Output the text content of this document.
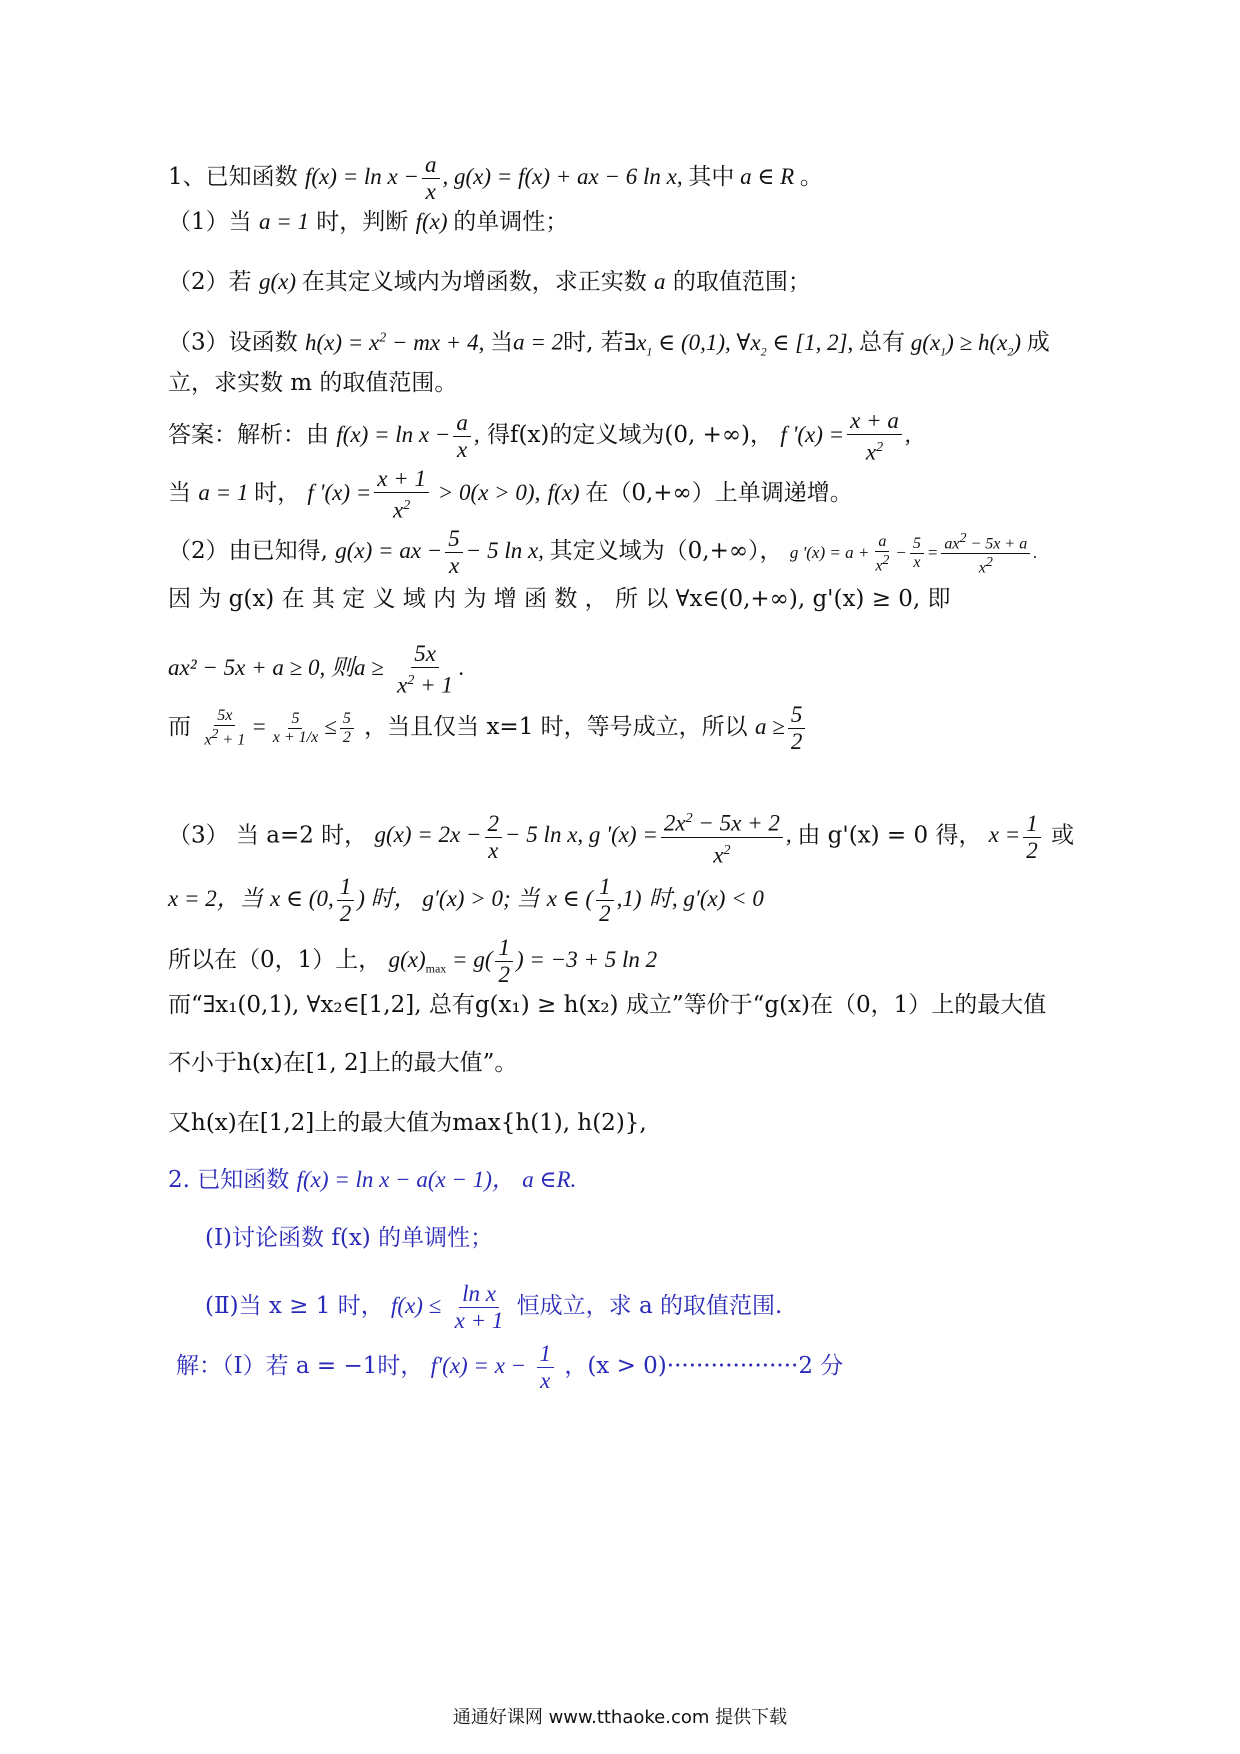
1、已知函数 $f(x) = \ln x - \frac{a}{x}$ , g(x) = f(x) + ax − 6 ln x, 其中 a ∈ R 。
（1）当 a = 1 时，判断 f(x) 的单调性；
（2）若 g(x) 在其定义域内为增函数，求正实数 a 的取值范围；
（3）设函数 $h(x) = x^2$ − mx + 4, 当a = 2时, 若$\exists x_1$ ∈ (0,1), $\forall x_2$ ∈ [1, 2], 总有 $g(x_1) \ge h(x_2)$ 成
立，求实数 m 的取值范围。
答案：解析：由 $f(x) = \ln x - \frac{a}{x}$ , 得f(x)的定义域为(0, +∞)， f '$(x) = \frac{x + a}{x^2}$ ,
当 a = 1 时， f '$(x) = \frac{x + 1}{x^2} > 0(x > 0)$, f(x) 在（0,+∞）上单调递增。
（2）由已知得, g(x) = ax − $\frac{5}{x} - 5$ ln x, 其定义域为（0,+∞）， g '$(x) = a + \frac{a}{x^2} - \frac{5}{x} = \frac{ax^2 - 5x + a}{x^2}$ .
因 为 g(x) 在 其 定 义 域 内 为 增 函 数 ， 所 以 ∀x∈(0,+∞), g'(x) ≥ 0, 即
ax² − 5x + a ≥ 0, 则$a \ge \frac{5x}{x^2 + 1}$ .
而 $\frac{5x}{x^2 + 1} = \frac{5}{x + 1/x} \le \frac{5}{2}$ ，当且仅当 x=1 时，等号成立，所以 $a \ge \frac{5}{2}$
（3） 当 a=2 时， $g(x) = 2x - \frac{2}{x} - 5$ ln x, g '$(x) = \frac{2x^2 - 5x + 2}{x^2}$ , 由 g'(x) = 0 得， $x = \frac{1}{2}$ 或
x = 2，当 x ∈ (0, $\frac{1}{2}$ ) 时， g′(x) > 0; 当 x ∈ ( $\frac{1}{2} ,1$) 时, g′(x) < 0
所以在（0，1）上， $g(x)_{max} = g( \frac{1}{2}$ ) = −3 + 5 ln 2
而“∃x₁(0,1), ∀x₂∈[1,2], 总有g(x₁) ≥ h(x₂) 成立”等价于“g(x)在（0，1）上的最大值
不小于h(x)在[1, 2]上的最大值”。
又h(x)在[1,2]上的最大值为max{h(1), h(2)},
2. 已知函数 f(x) = ln x − a(x − 1)， a ∈R.
(Ⅰ)讨论函数 f(x) 的单调性；
(Ⅱ)当 x ≥ 1 时， $f(x) \le \frac{\text{ln x}}{x + 1}$ 恒成立，求 a 的取值范围.
解：（Ⅰ）若 a = −1时， $f'(x) = x - \frac{1}{x}$ ，(x > 0)··················2 分
通通好课网 www.tthaoke.com 提供下载
